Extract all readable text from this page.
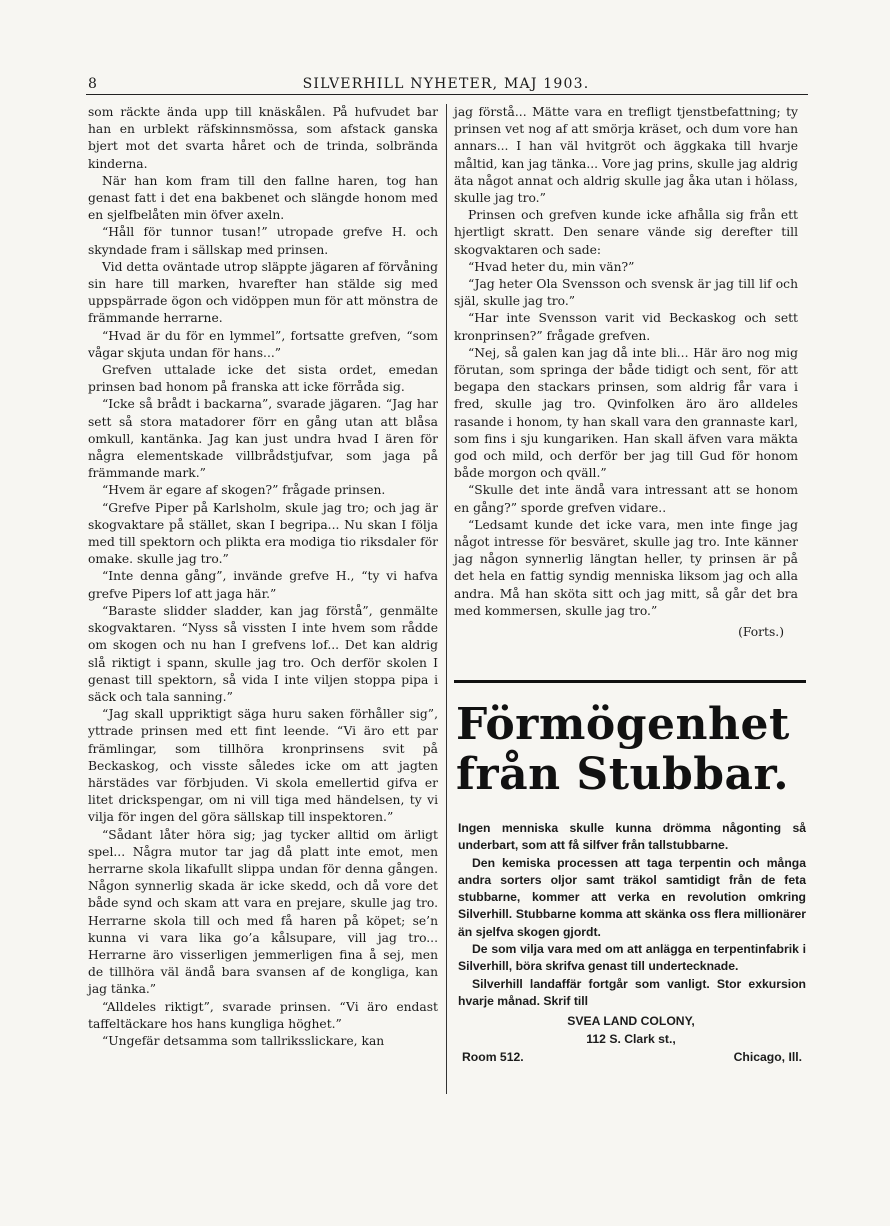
8	SILVERHILL NYHETER, MAJ 1903.

som räckte ända upp till knäskålen. På hufvudet bar han en urblekt räfskinnsmössa, som afstack ganska bjert mot det svarta håret och de trinda, solbrända kinderna.

När han kom fram till den fallne haren, tog han genast fatt i det ena bakbenet och slängde honom med en sjelfbelåten min öfver axeln.

“Håll för tunnor tusan!” utropade grefve H. och skyndade fram i sällskap med prinsen.

Vid detta oväntade utrop släppte jägaren af förvåning sin hare till marken, hvarefter han stälde sig med uppspärrade ögon och vidöppen mun för att mönstra de främmande herrarne.

“Hvad är du för en lymmel”, fortsatte grefven, “som vågar skjuta undan för hans...”

Grefven uttalade icke det sista ordet, emedan prinsen bad honom på franska att icke förråda sig.

“Icke så brådt i backarna”, svarade jägaren. “Jag har sett så stora matadorer förr en gång utan att blåsa omkull, kantänka. Jag kan just undra hvad I ären för några elementskade villbrådstjufvar, som jaga på främmande mark.”

“Hvem är egare af skogen?” frågade prinsen.

“Grefve Piper på Karlsholm, skule jag tro; och jag är skogvaktare på stället, skan I begripa... Nu skan I följa med till spektorn och plikta era modiga tio riksdaler för omake. skulle jag tro.”

“Inte denna gång”, invände grefve H., “ty vi hafva grefve Pipers lof att jaga här.”

“Baraste slidder sladder, kan jag förstå”, genmälte skogvaktaren. “Nyss så vissten I inte hvem som rådde om skogen och nu han I grefvens lof... Det kan aldrig slå riktigt i spann, skulle jag tro. Och derför skolen I genast till spektorn, så vida I inte viljen stoppa pipa i säck och tala sanning.”

“Jag skall uppriktigt säga huru saken förhåller sig”, yttrade prinsen med ett fint leende. “Vi äro ett par främlingar, som tillhöra kronprinsens svit på Beckaskog, och visste således icke om att jagten härstädes var förbjuden. Vi skola emellertid gifva er litet drickspengar, om ni vill tiga med händelsen, ty vi vilja för ingen del göra sällskap till inspektoren.”

“Sådant låter höra sig; jag tycker alltid om ärligt spel... Några mutor tar jag då platt inte emot, men herrarne skola likafullt slippa undan för denna gången. Någon synnerlig skada är icke skedd, och då vore det både synd och skam att vara en prejare, skulle jag tro. Herrarne skola till och med få haren på köpet; se’n kunna vi vara lika go’a kålsupare, vill jag tro... Herrarne äro visserligen jemmerligen fina å sej, men de tillhöra väl ändå bara svansen af de kongliga, kan jag tänka.”

“Alldeles riktigt”, svarade prinsen. “Vi äro endast taffeltäckare hos hans kungliga höghet.”

“Ungefär detsamma som tallriksslickare, kan

jag förstå... Mätte vara en trefligt tjenstbefattning; ty prinsen vet nog af att smörja kräset, och dum vore han annars... I han väl hvitgröt och äggkaka till hvarje måltid, kan jag tänka... Vore jag prins, skulle jag aldrig äta något annat och aldrig skulle jag åka utan i hölass, skulle jag tro.”

Prinsen och grefven kunde icke afhålla sig från ett hjertligt skratt. Den senare vände sig derefter till skogvaktaren och sade:

“Hvad heter du, min vän?”

“Jag heter Ola Svensson och svensk är jag till lif och själ, skulle jag tro.”

“Har inte Svensson varit vid Beckaskog och sett kronprinsen?” frågade grefven.

“Nej, så galen kan jag då inte bli... Här äro nog mig förutan, som springa der både tidigt och sent, för att begapa den stackars prinsen, som aldrig får vara i fred, skulle jag tro. Qvinfolken äro äro alldeles rasande i honom, ty han skall vara den grannaste karl, som fins i sju kungariken. Han skall äfven vara mäkta god och mild, och derför ber jag till Gud för honom både morgon och qväll.”

“Skulle det inte ändå vara intressant att se honom en gång?” sporde grefven vidare..

“Ledsamt kunde det icke vara, men inte finge jag något intresse för besväret, skulle jag tro. Inte känner jag någon synnerlig längtan heller, ty prinsen är på det hela en fattig syndig menniska liksom jag och alla andra. Må han sköta sitt och jag mitt, så går det bra med kommersen, skulle jag tro.”

(Forts.)

Förmögenhet
från Stubbar.

Ingen menniska skulle kunna drömma någonting så underbart, som att få silfver från tallstubbarne.

Den kemiska processen att taga terpentin och många andra sorters oljor samt träkol samtidigt från de feta stubbarne, kommer att verka en revolution omkring Silverhill. Stubbarne komma att skänka oss flera millionärer än sjelfva skogen gjordt.

De som vilja vara med om att anlägga en terpentinfabrik i Silverhill, böra skrifva genast till undertecknade.

Silverhill landaffär fortgår som vanligt. Stor exkursion hvarje månad. Skrif till

SVEA LAND COLONY,
112 S. Clark st.,
Room 512.	Chicago, Ill.
